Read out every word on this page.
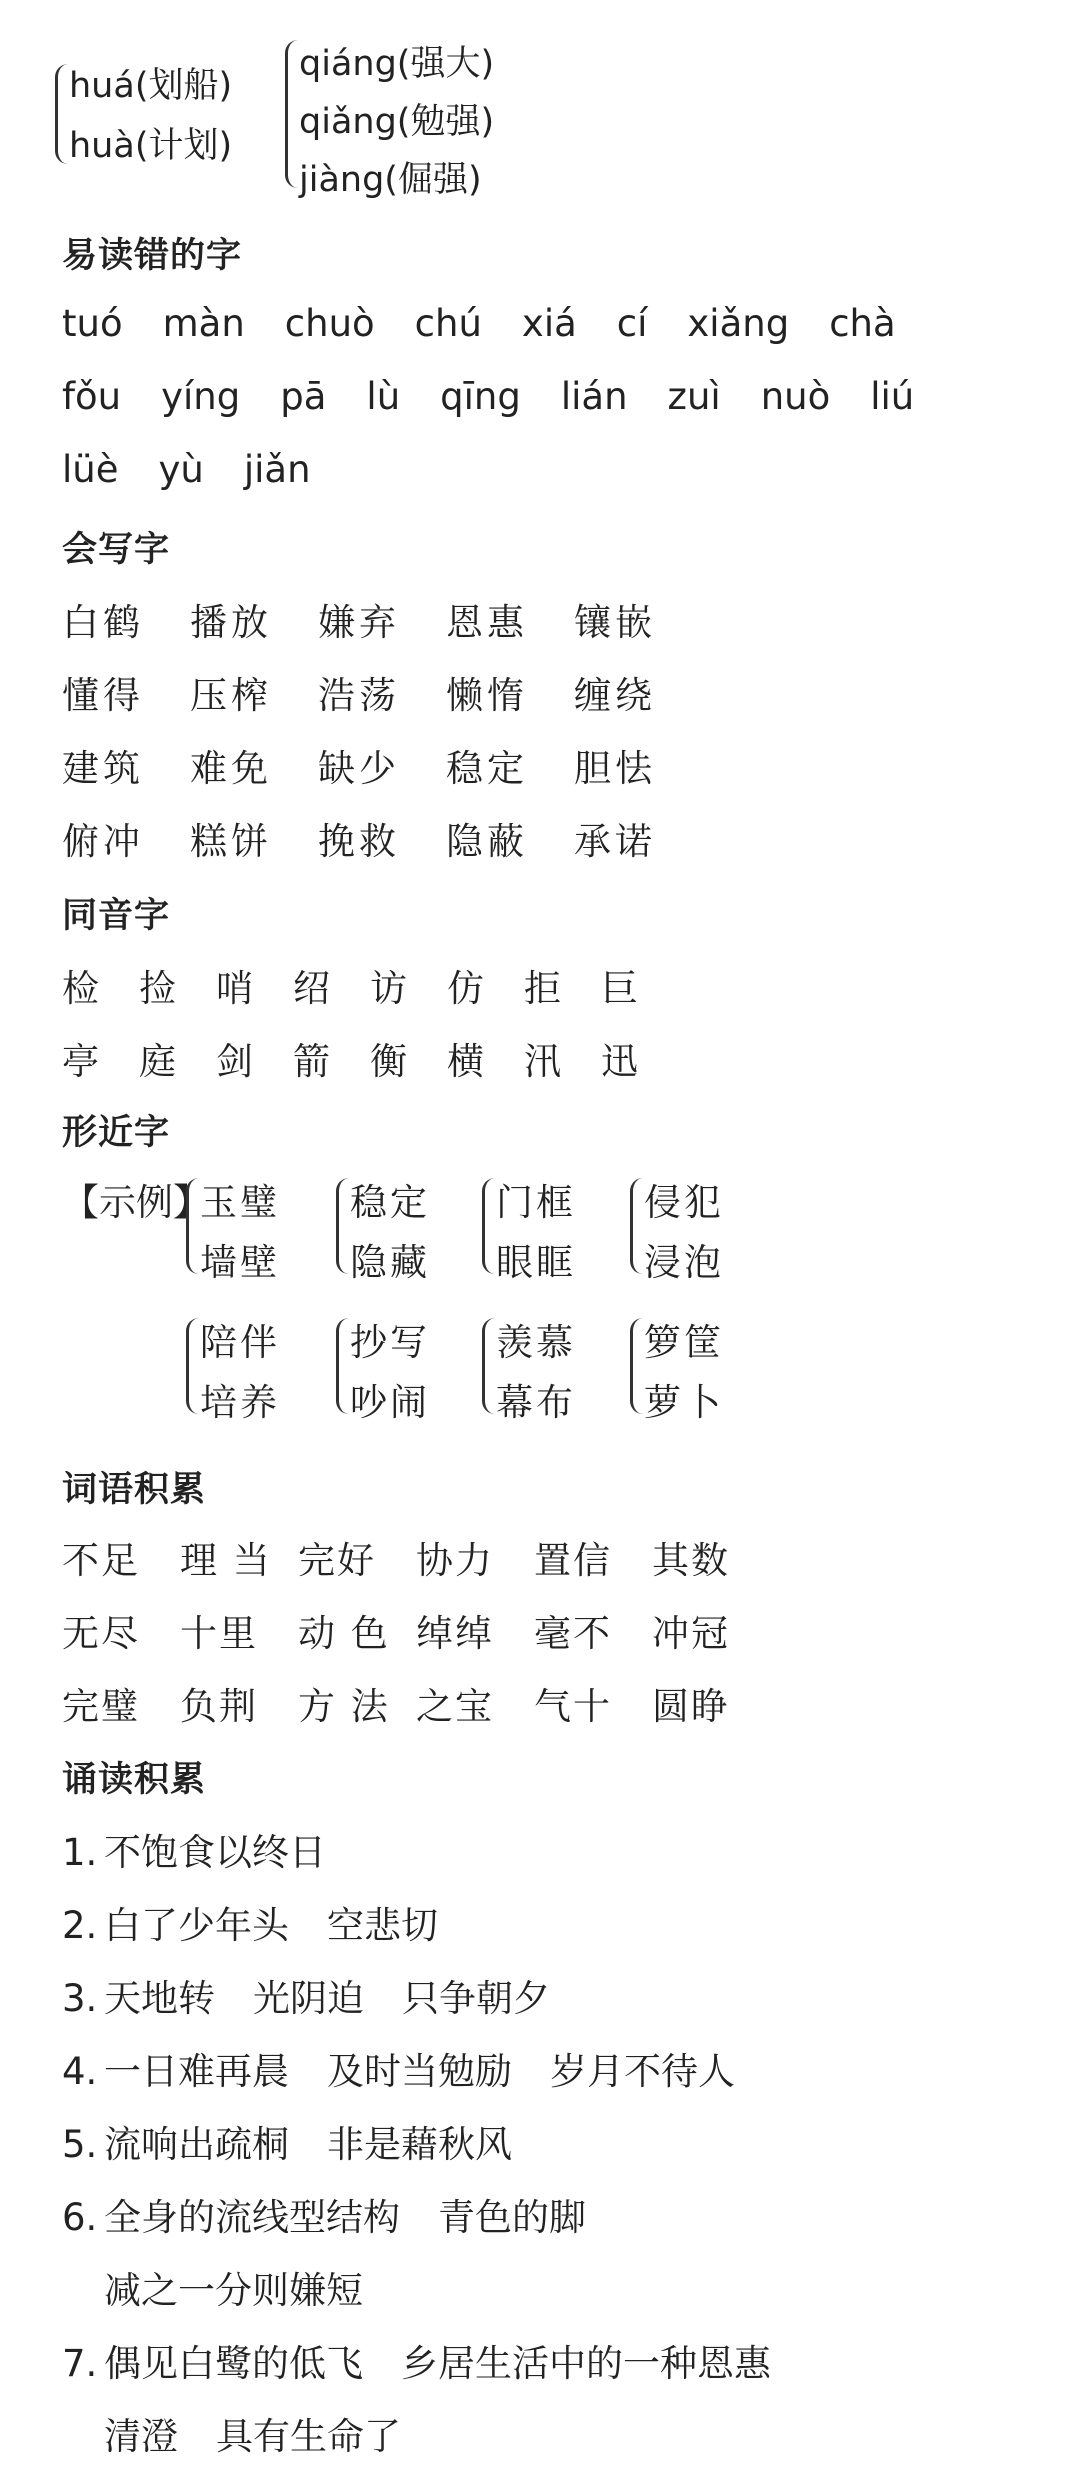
huá(划船)
huà(计划)
qiáng(强大)
qiǎng(勉强)
jiàng(倔强)
易读错的字
tuó màn chuò chú xiá cí xiǎng chà
fǒu yíng pā lù qīng lián zuì nuò liú
lüè yù jiǎn
会写字
白鹤 播放 嫌弃 恩惠 镶嵌
懂得 压榨 浩荡 懒惰 缠绕
建筑 难免 缺少 稳定 胆怯
俯冲 糕饼 挽救 隐蔽 承诺
同音字
检 捡 哨 绍 访 仿 拒 巨
亭 庭 剑 箭 衡 横 汛 迅
形近字
【示例】
玉璧
墙壁
稳定
隐藏
门框
眼眶
侵犯
浸泡
陪伴
培养
抄写
吵闹
羡慕
幕布
箩筐
萝卜
词语积累
不足 理 当 完好 协力 置信 其数
无尽 十里 动 色 绰绰 毫不 冲冠
完璧 负荆 方 法 之宝 气十 圆睁
诵读积累
1. 不饱食以终日
2. 白了少年头 空悲切
3. 天地转 光阴迫 只争朝夕
4. 一日难再晨 及时当勉励 岁月不待人
5. 流响出疏桐 非是藉秋风
6. 全身的流线型结构 青色的脚
减之一分则嫌短
7. 偶见白鹭的低飞 乡居生活中的一种恩惠
清澄 具有生命了
